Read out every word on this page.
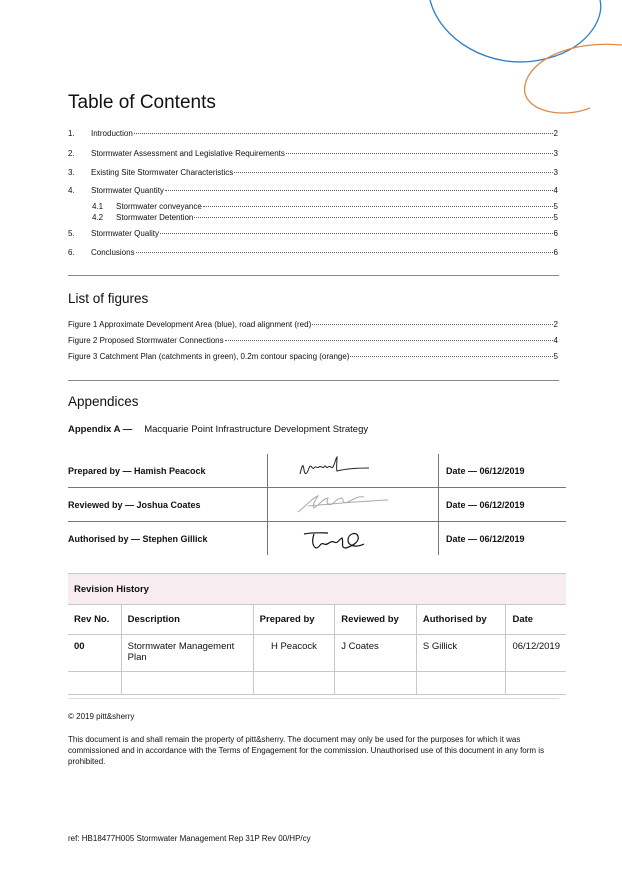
Table of Contents
1.	Introduction	2
2.	Stormwater Assessment and Legislative Requirements	3
3.	Existing Site Stormwater Characteristics	3
4.	Stormwater Quantity	4
4.1	Stormwater conveyance	5
4.2	Stormwater Detention	5
5.	Stormwater Quality	6
6.	Conclusions	6
List of figures
Figure 1 Approximate Development Area (blue), road alignment (red)	2
Figure 2 Proposed Stormwater Connections	4
Figure 3 Catchment Plan (catchments in green), 0.2m contour spacing (orange)	5
Appendices
Appendix A — Macquarie Point Infrastructure Development Strategy
Prepared by — Hamish Peacock		Date — 06/12/2019
Reviewed by — Joshua Coates		Date — 06/12/2019
Authorised by — Stephen Gillick		Date — 06/12/2019
Revision History					
Rev No.	Description	Prepared by	Reviewed by	Authorised by	Date
00	Stormwater Management Plan	H Peacock	J Coates	S Gillick	06/12/2019

© 2019 pitt&sherry
This document is and shall remain the property of pitt&sherry. The document may only be used for the purposes for which it was commissioned and in accordance with the Terms of Engagement for the commission. Unauthorised use of this document in any form is prohibited.
ref: HB18477H005 Stormwater Management Rep 31P Rev 00/HP/cy
